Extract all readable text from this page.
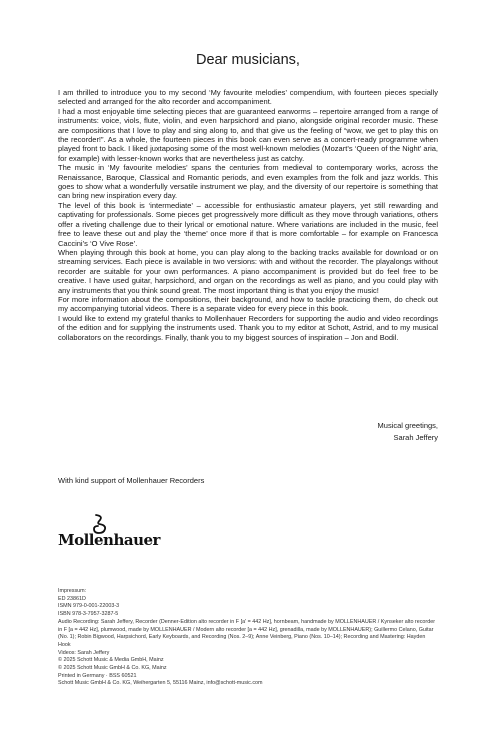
Dear musicians,

I am thrilled to introduce you to my second ‘My favourite melodies’ compendium, with fourteen pieces specially selected and arranged for the alto recorder and accompaniment.

I had a most enjoyable time selecting pieces that are guaranteed earworms – repertoire arranged from a range of instruments: voice, viols, flute, violin, and even harpsichord and piano, alongside original recorder music. These are compositions that I love to play and sing along to, and that give us the feeling of “wow, we get to play this on the recorder!”. As a whole, the fourteen pieces in this book can even serve as a concert-ready programme when played front to back. I liked juxtaposing some of the most well-known melodies (Mozart’s ‘Queen of the Night’ aria, for example) with lesser-known works that are nevertheless just as catchy.

The music in ‘My favourite melodies’ spans the centuries from medieval to contemporary works, across the Renaissance, Baroque, Classical and Romantic periods, and even examples from the folk and jazz worlds. This goes to show what a wonderfully versatile instrument we play, and the diversity of our repertoire is something that can bring new inspiration every day.

The level of this book is ‘intermediate’ – accessible for enthusiastic amateur players, yet still rewarding and captivating for professionals. Some pieces get progressively more difficult as they move through variations, others offer a riveting challenge due to their lyrical or emotional nature. Where variations are included in the music, feel free to leave these out and play the ‘theme’ once more if that is more comfortable – for example on Francesca Caccini’s ‘O Vive Rose’.

When playing through this book at home, you can play along to the backing tracks available for download or on streaming services. Each piece is available in two versions: with and without the recorder. The playalongs without recorder are suitable for your own performances. A piano accompaniment is provided but do feel free to be creative. I have used guitar, harpsichord, and organ on the recordings as well as piano, and you could play with any instruments that you think sound great. The most important thing is that you enjoy the music!

For more information about the compositions, their background, and how to tackle practicing them, do check out my accompanying tutorial videos. There is a separate video for every piece in this book.

I would like to extend my grateful thanks to Mollenhauer Recorders for supporting the audio and video recordings of the edition and for supplying the instruments used. Thank you to my editor at Schott, Astrid, and to my musical collaborators on the recordings. Finally, thank you to my biggest sources of inspiration – Jon and Bodil.

Musical greetings,

Sarah Jeffery

With kind support of Mollenhauer Recorders

Mollenhauer

Impressum:

ED 23861D

ISMN 979-0-001-22003-3

ISBN 978-3-7957-3287-5

Audio Recording: Sarah Jeffery, Recorder (Denner-Edition alto recorder in F [a' = 442 Hz], hornbeam, handmade by MOLLENHAUER / Kynseker alto recorder in F [a = 442 Hz], plumwood, made by MOLLENHAUER / Modern alto recorder [a = 442 Hz], grenadilla, made by MOLLENHAUER); Guillermo Celano, Guitar (No. 1); Robin Bigwood, Harpsichord, Early Keyboards, and Recording (Nos. 2–9); Anne Veinberg, Piano (Nos. 10–14); Recording and Mastering: Hayden Hook

Videos: Sarah Jeffery

© 2025 Schott Music & Media GmbH, Mainz

© 2025 Schott Music GmbH & Co. KG, Mainz

Printed in Germany · BSS 60521

Schott Music GmbH & Co. KG, Weihergarten 5, 55116 Mainz, info@schott-music.com
